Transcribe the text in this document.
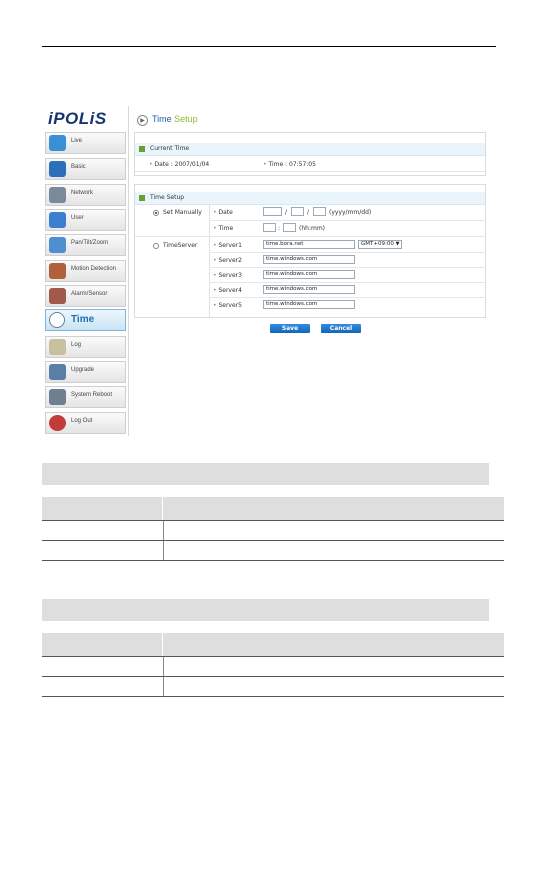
iPOLiS
Live
Basic
Network
User
Pan/Tilt/Zoom
Motion Detection
Alarm/Sensor
Time
Log
Upgrade
System Reboot
Log Out
▶ Time Setup
Current Time
• Date : 2007/01/04	• Time : 07:57:05
Time Setup
Set Manually • Date	/	/	(yyyy/mm/dd)
• Time	:	(hh:mm)
TimeServer	• Server1	time.bora.net	GMT+09:00 ▼
• Server2	time.windows.com
• Server3	time.windows.com
• Server4	time.windows.com
• Server5	time.windows.com
Save	Cancel
